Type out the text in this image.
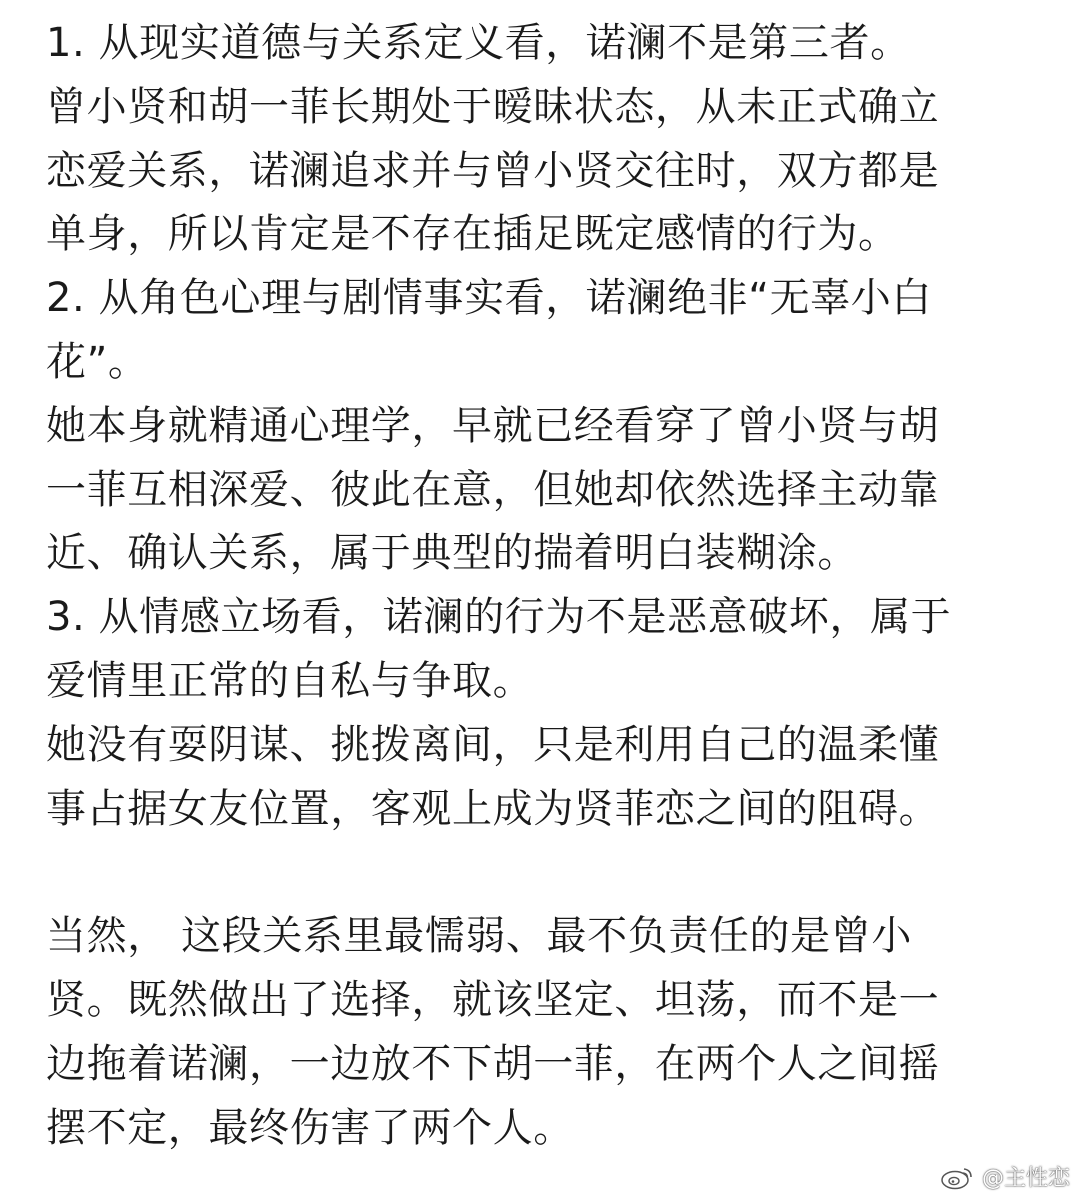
1. 从现实道德与关系定义看，诺澜不是第三者。
曾小贤和胡一菲长期处于暧昧状态，从未正式确立
恋爱关系，诺澜追求并与曾小贤交往时，双方都是
单身，所以肯定是不存在插足既定感情的行为。
2. 从角色心理与剧情事实看，诺澜绝非“无辜小白
花”。
她本身就精通心理学，早就已经看穿了曾小贤与胡
一菲互相深爱、彼此在意，但她却依然选择主动靠
近、确认关系，属于典型的揣着明白装糊涂。
3. 从情感立场看，诺澜的行为不是恶意破坏，属于
爱情里正常的自私与争取。
她没有耍阴谋、挑拨离间，只是利用自己的温柔懂
事占据女友位置，客观上成为贤菲恋之间的阻碍。
当然， 这段关系里最懦弱、最不负责任的是曾小
贤。既然做出了选择，就该坚定、坦荡，而不是一
边拖着诺澜，一边放不下胡一菲，在两个人之间摇
摆不定，最终伤害了两个人。
@主性恋
